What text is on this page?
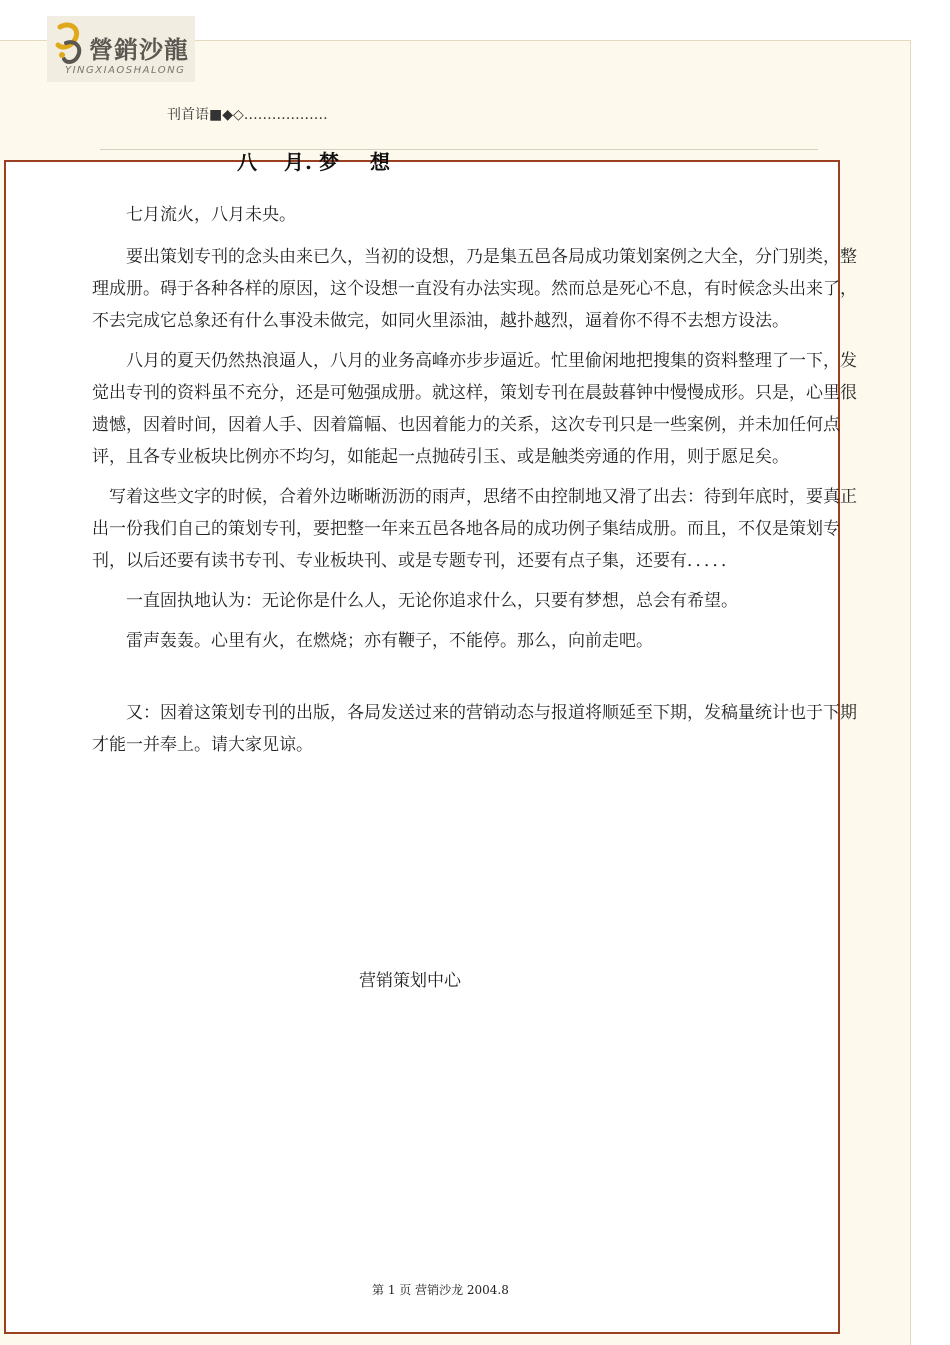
營銷沙龍
YINGXIAOSHALONG
刊首语■◆◇………………
八 月. 梦 想

七月流火，八月未央。

要出策划专刊的念头由来已久，当初的设想，乃是集五邑各局成功策划案例之大全，分门别类，整理成册。碍于各种各样的原因，这个设想一直没有办法实现。然而总是死心不息，有时候念头出来了，不去完成它总象还有什么事没未做完，如同火里添油，越扑越烈，逼着你不得不去想方设法。

八月的夏天仍然热浪逼人，八月的业务高峰亦步步逼近。忙里偷闲地把搜集的资料整理了一下，发觉出专刊的资料虽不充分，还是可勉强成册。就这样，策划专刊在晨鼓暮钟中慢慢成形。只是，心里很遗憾，因着时间，因着人手、因着篇幅、也因着能力的关系，这次专刊只是一些案例，并未加任何点评，且各专业板块比例亦不均匀，如能起一点抛砖引玉、或是触类旁通的作用，则于愿足矣。

写着这些文字的时候，合着外边晰晰沥沥的雨声，思绪不由控制地又滑了出去：待到年底时，要真正出一份我们自己的策划专刊，要把整一年来五邑各地各局的成功例子集结成册。而且，不仅是策划专刊，以后还要有读书专刊、专业板块刊、或是专题专刊，还要有点子集，还要有．．．．．

一直固执地认为：无论你是什么人，无论你追求什么，只要有梦想，总会有希望。

雷声轰轰。心里有火，在燃烧；亦有鞭子，不能停。那么，向前走吧。

又：因着这策划专刊的出版，各局发送过来的营销动态与报道将顺延至下期，发稿量统计也于下期才能一并奉上。请大家见谅。

营销策划中心
第 1 页 营销沙龙 2004.8
